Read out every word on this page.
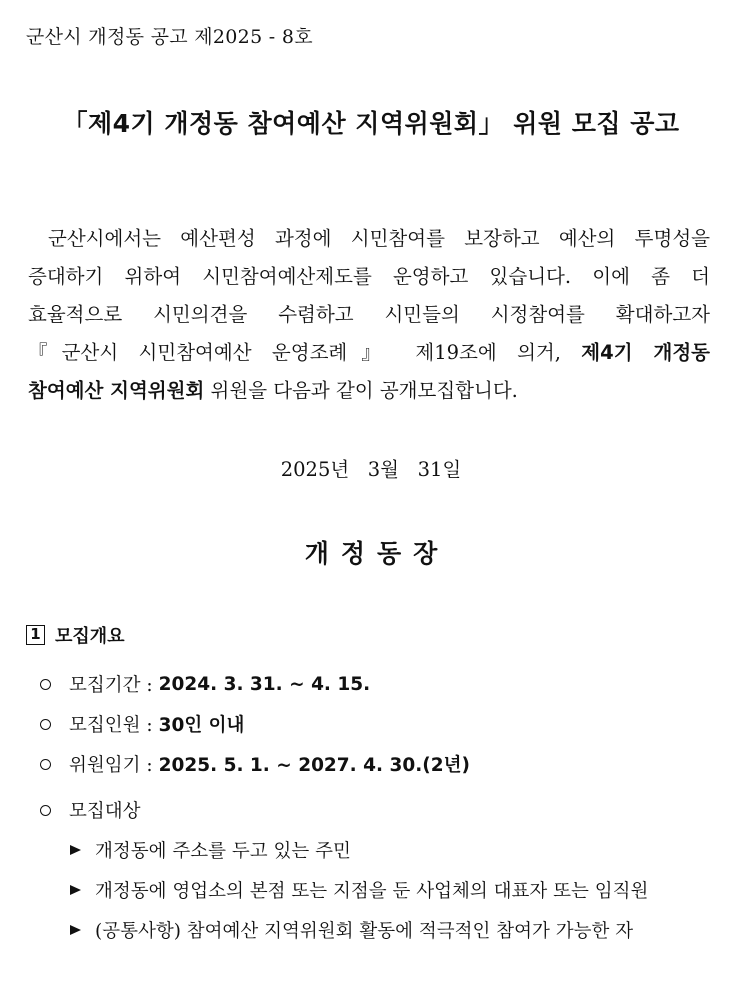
군산시 개정동 공고 제2025 - 8호
「제4기 개정동 참여예산 지역위원회」 위원 모집 공고
군산시에서는 예산편성 과정에 시민참여를 보장하고 예산의 투명성을
증대하기 위하여 시민참여예산제도를 운영하고 있습니다. 이에 좀 더
효율적으로 시민의견을 수렴하고 시민들의 시정참여를 확대하고자
『군산시 시민참여예산 운영조례』 제19조에 의거, 제4기 개정동
참여예산 지역위원회 위원을 다음과 같이 공개모집합니다.
2025년   3월   31일
개정동장
1 모집개요
모집기간 : 2024. 3. 31. ~ 4. 15.
모집인원 : 30인 이내
위원임기 : 2025. 5. 1. ~ 2027. 4. 30.(2년)
모집대상
개정동에 주소를 두고 있는 주민
개정동에 영업소의 본점 또는 지점을 둔 사업체의 대표자 또는 임직원
(공통사항) 참여예산 지역위원회 활동에 적극적인 참여가 가능한 자
